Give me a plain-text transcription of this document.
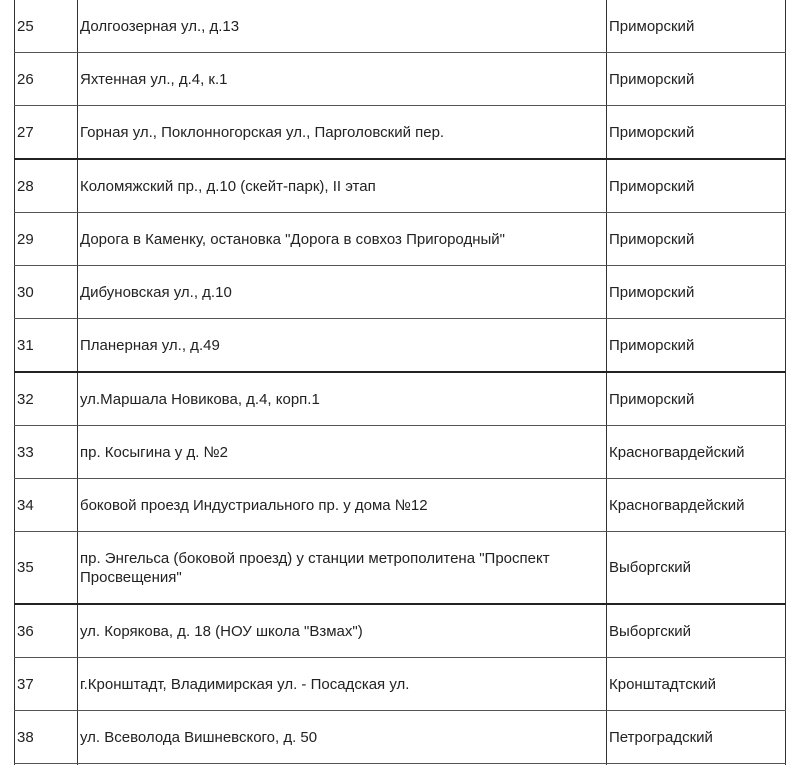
25	Долгоозерная ул., д.13	Приморский
26	Яхтенная ул., д.4, к.1	Приморский
27	Горная ул., Поклонногорская ул., Парголовский пер.	Приморский
28	Коломяжский пр., д.10 (скейт-парк), II этап	Приморский
29	Дорога в Каменку, остановка "Дорога в совхоз Пригородный"	Приморский
30	Дибуновская ул., д.10	Приморский
31	Планерная ул., д.49	Приморский
32	ул.Маршала Новикова, д.4, корп.1	Приморский
33	пр. Косыгина у д. №2	Красногвардейский
34	боковой проезд Индустриального пр. у дома №12	Красногвардейский
35	пр. Энгельса (боковой проезд) у станции метрополитена "Проспект Просвещения"	Выборгский
36	ул. Корякова, д. 18 (НОУ школа "Взмах")	Выборгский
37	г.Кронштадт, Владимирская ул. - Посадская ул.	Кронштадтский
38	ул. Всеволода Вишневского, д. 50	Петроградский
